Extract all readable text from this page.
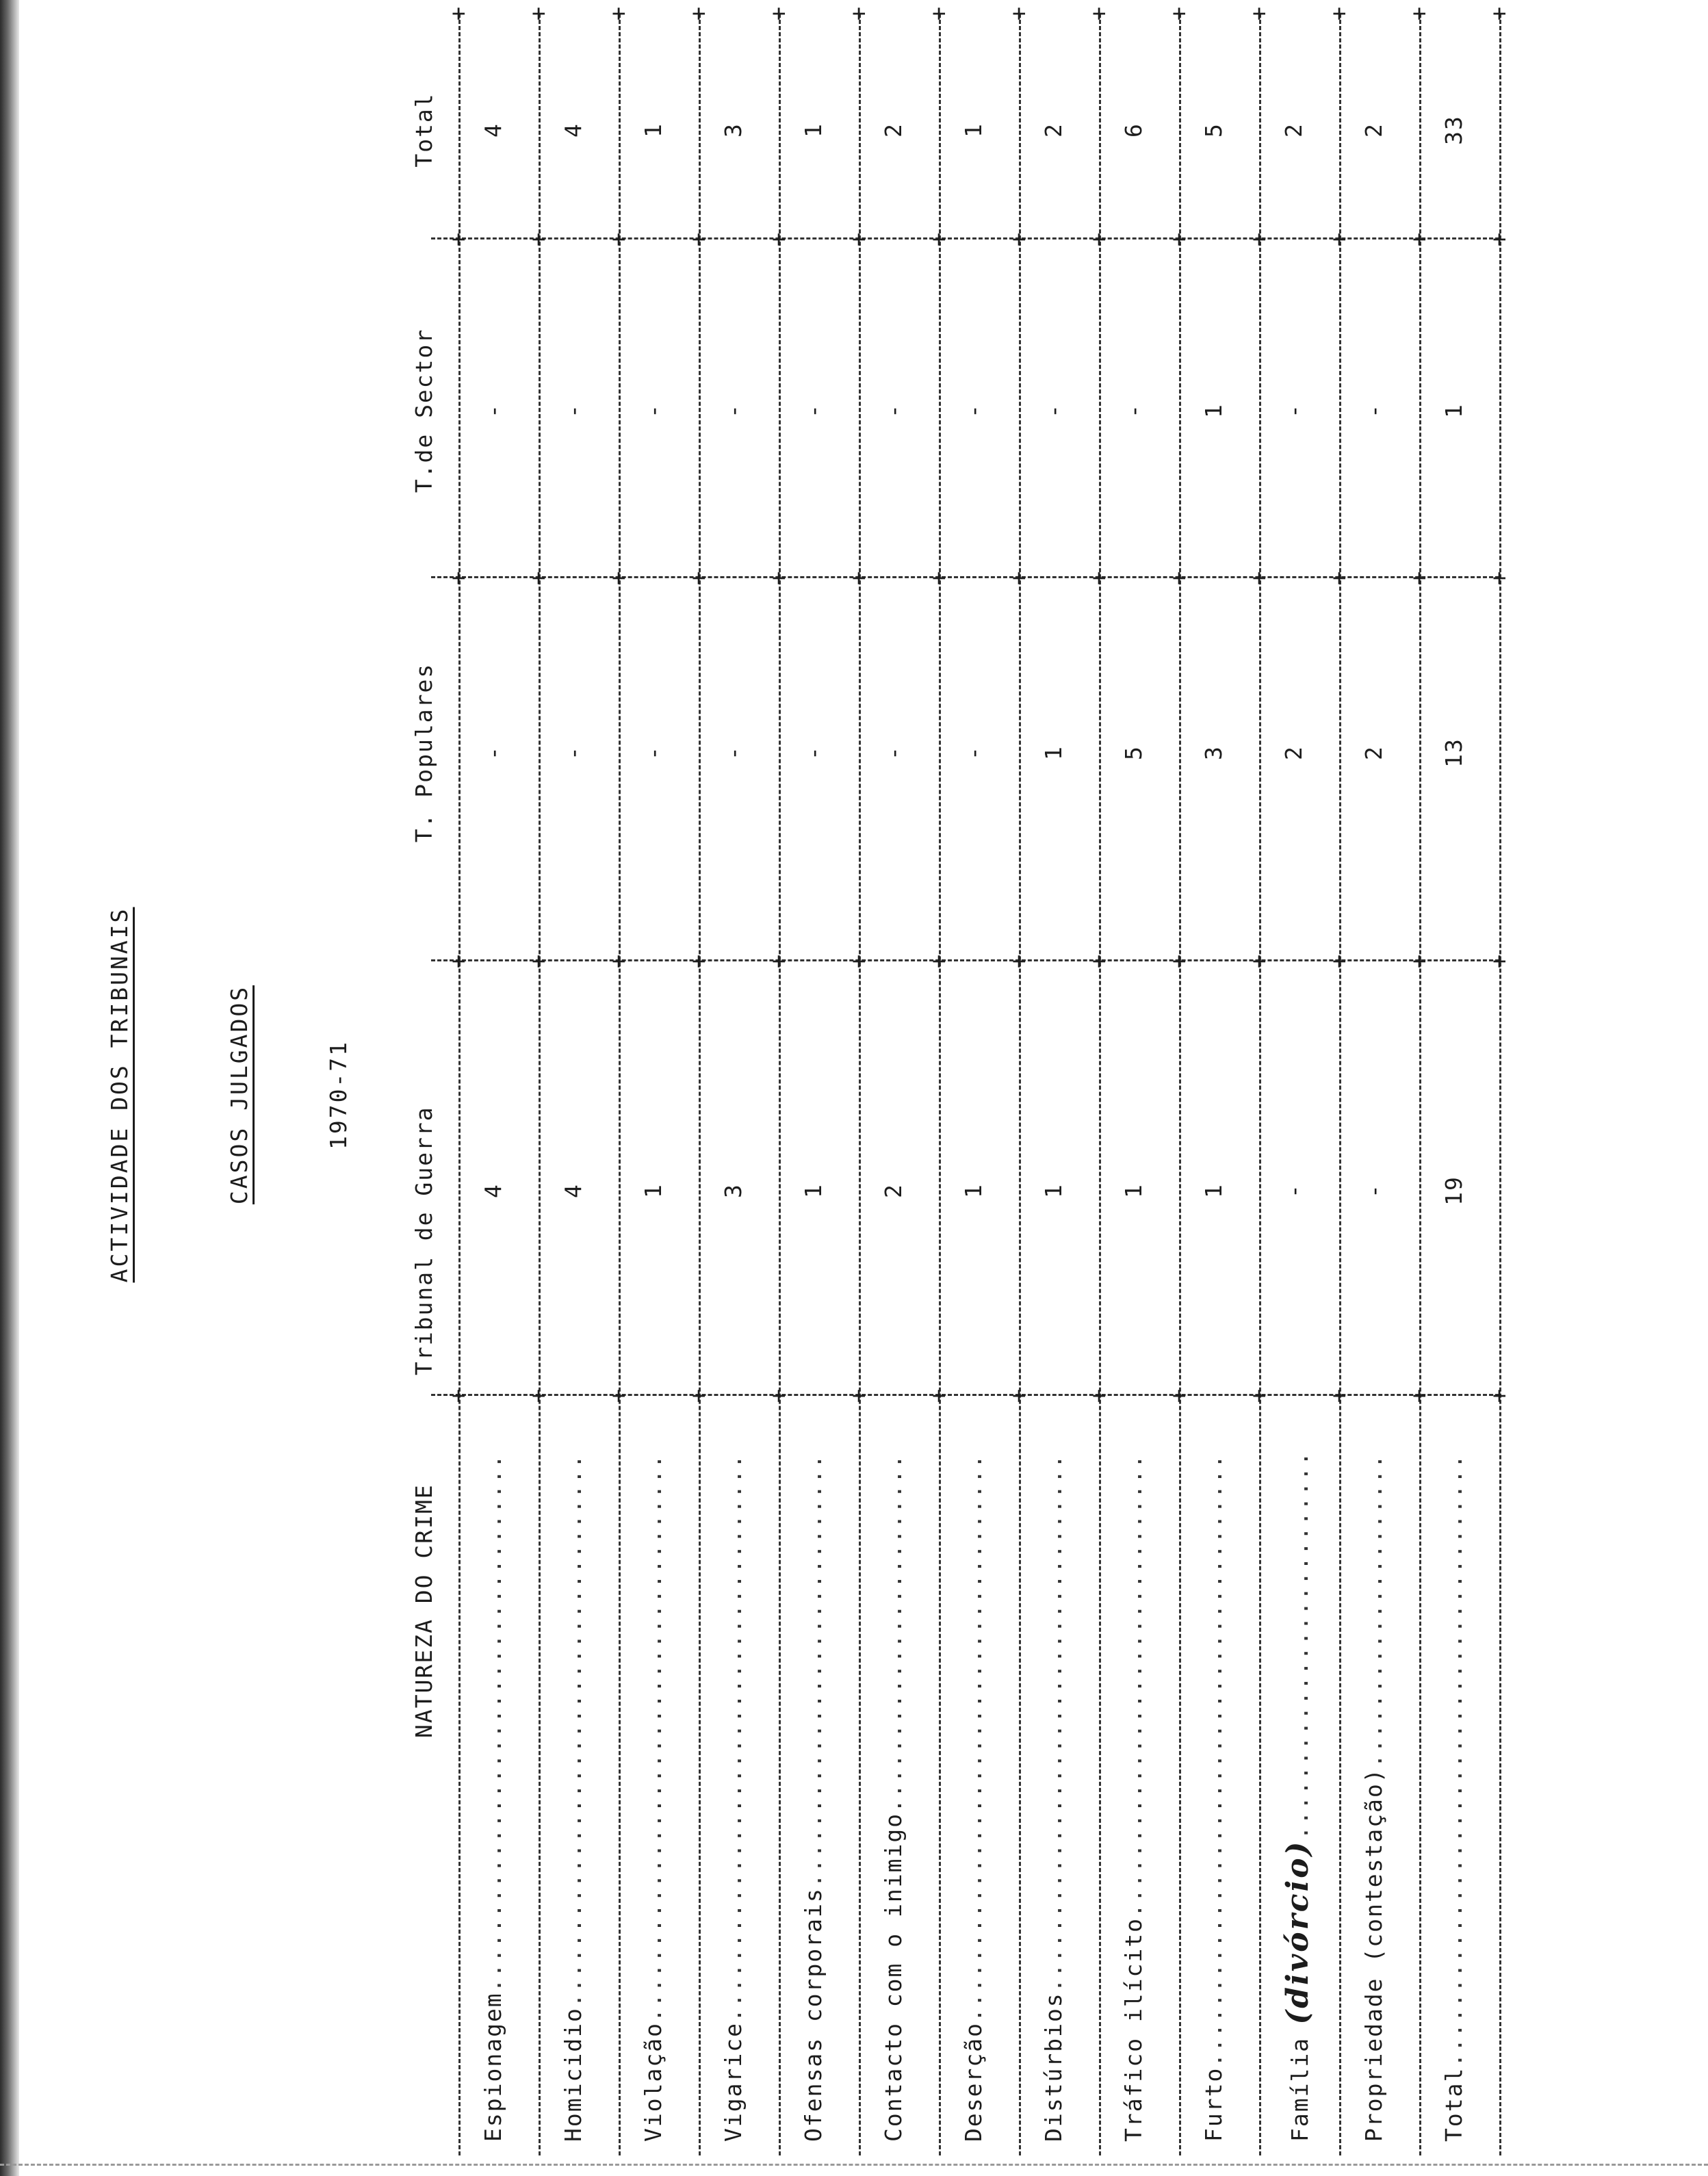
ACTIVIDADE DOS TRIBUNAIS	CASOS JULGADOS	1970-71
NATUREZA DO CRIME
Tribunal de Guerra
T. Populares
T.de Sector
Total
+
+
+
+
+
+
+
+
+
+
+
+
+
+
+
+
+
+
+
+
+
+
+
+
+
+
+
+
+
+
+
+
+
+
+
+
+
+
+
+
+
+
+
+
+
+
+
+
+
+
+
+
+
+
+
+
+
+
+
+
+
+
+
+
+
+
+
+
+
+
Espionagem....................................
4
-
-
4
Homicidio.....................................
4
-
-
4
Violação......................................
1
-
-
1
Vigarice......................................
3
-
-
3
Ofensas corporais.............................
1
-
-
1
Contacto com o inimigo........................
2
-
-
2
Deserção......................................
1
-
-
1
Distúrbios....................................
1
1
-
2
Tráfico ilícito...............................
1
5
-
6
Furto.........................................
1
3
1
5
Família (divórcio)..........................
-
2
-
2
Propriedade (contestação).....................
-
2
-
2
Total.........................................
19
13
1
33
